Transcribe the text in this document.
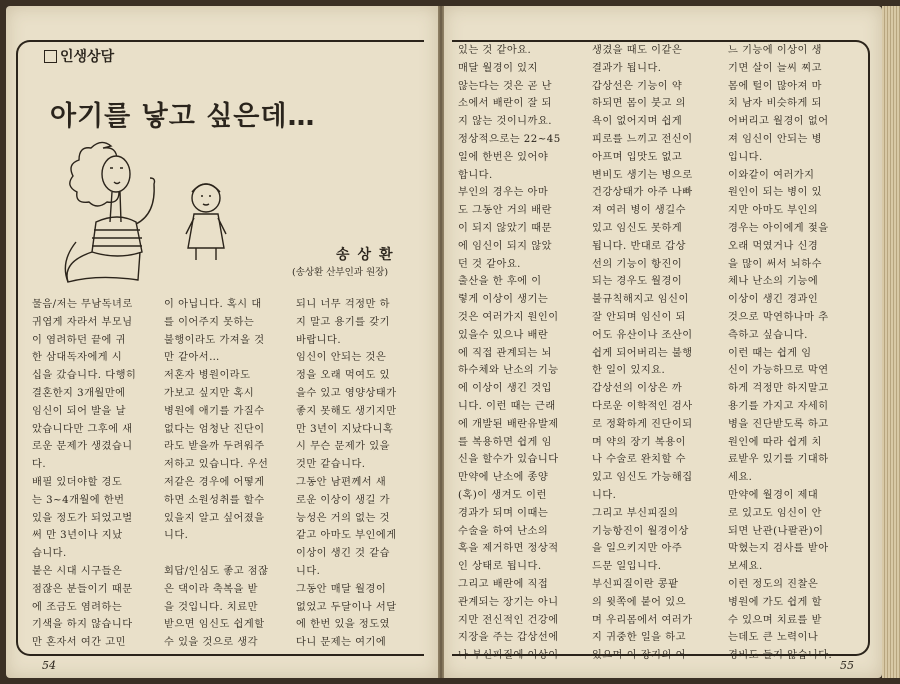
인생상담
아기를 낳고 싶은데…
송상환
(송상환 산부인과 원장)
물음/저는 무남독녀로
귀엽게 자라서 부모님
이 염려하던 끝에 귀
한 삼대독자에게 시
십을 갔습니다. 다행히
결혼한지 3개월만에
임신이 되어 발을 날
았습니다만 그후에 새
로운 문제가 생겼습니
다.
배필 있더야할 경도
는 3~4개월에 한번
있을 정도가 되었고벌
써 만 3년이나 지났
습니다.
붙은 시대 시구들은
점잖은 분들이기 때문
에 조금도 염려하는
기색을 하지 않습니다
만 혼자서 여간 고민
이 아닙니다. 혹시 대
를 이어주지 못하는
불행이라도 가져올 것
만 같아서…
저혼자 병원이라도
가보고 싶지만 혹시
병원에 애기를 가질수
없다는 엄청난 진단이
라도 받을까 두려워주
저하고 있습니다. 우선
저같은 경우에 어떻게
하면 소원성취를 할수
있을지 알고 싶어졌을
니다.

회답/인심도 좋고 점잖
은 댁이라 축복을 받
을 것입니다. 치료만
받으면 임신도 쉽게할
수 있을 것으로 생각
되니 너무 걱정만 하
지 말고 용기를 갖기
바랍니다.
임신이 안되는 것은
정을 오래 먹여도 있
을수 있고 영양상태가
좋지 못해도 생기지만
만 3년이 지났다니혹
시 무슨 문제가 있을
것만 같습니다.
그동안 남편께서 새
로운 이상이 생길 가
능성은 거의 없는 것
같고 아마도 부인에게
이상이 생긴 것 같습
니다.
그동안 매달 월경이
없었고 두달이나 서달
에 한번 있을 정도였
다니 문제는 여기에
54
있는 것 같아요.
매달 월경이 있지
않는다는 것은 곧 난
소에서 배란이 잘 되
지 않는 것이니까요.
정상적으로는 22~45
일에 한번은 있어야
합니다.
부인의 경우는 아마
도 그동안 거의 배란
이 되지 않았기 때문
에 임신이 되지 않았
던 것 같아요.
출산을 한 후에 이
렇게 이상이 생기는
것은 여러가지 원인이
있을수 있으나 배란
에 직접 관계되는 뇌
하수체와 난소의 기능
에 이상이 생긴 것입
니다. 이런 때는 근래
에 개발된 배란유발제
를 복용하면 쉽게 임
신을 할수가 있습니다
만약에 난소에 종양
(혹)이 생겨도 이런
경과가 되며 이때는
수술을 하여 난소의
혹을 제거하면 정상적
인 상태로 됩니다.
그리고 배란에 직접
관계되는 장기는 아니
지만 전신적인 건강에
지장을 주는 갑상선에
나 부신피질에 이상이
생겼을 때도 이같은
결과가 됩니다.
갑상선은 기능이 약
하되면 몸이 붓고 의
욕이 없어지며 쉽게
피로를 느끼고 전신이
아프며 입맛도 없고
변비도 생기는 병으로
건강상태가 아주 나빠
져 여러 병이 생길수
있고 임신도 못하게
됩니다. 반대로 갑상
선의 기능이 항진이
되는 경우도 월경이
불규칙해지고 임신이
잘 안되며 임신이 되
어도 유산이나 조산이
쉽게 되어버리는 불행
한 일이 있지요.
갑상선의 이상은 까
다로운 이학적인 검사
로 정확하게 진단이되
며 약의 장기 복용이
나 수술로 완치할 수
있고 임신도 가능해집
니다.
그리고 부신피질의
기능항진이 월경이상
을 일으키지만 아주
드문 일입니다.
부신피질이란 콩팥
의 윗쪽에 붙어 있으
며 우리몸에서 여러가
지 귀중한 일을 하고
있으며 이 장기의 어
느 기능에 이상이 생
기면 살이 늘씨 찌고
몸에 털이 많아져 마
치 남자 비슷하게 되
어버리고 월경이 없어
져 임신이 안되는 병
입니다.
이와같이 여러가지
원인이 되는 병이 있
지만 아마도 부인의
경우는 아이에게 젖을
오래 먹였거나 신경
을 많이 써서 뇌하수
체나 난소의 기능에
이상이 생긴 경과인
것으로 막연하나마 추
측하고 싶습니다.
이런 때는 쉽게 임
신이 가능하므로 막연
하게 걱정만 하지말고
용기를 가지고 자세히
병을 진단받도록 하고
원인에 따라 쉽게 치
료받우 있기를 기대하
세요.
만약에 월경이 제대
로 있고도 임신이 안
되면 난관(나팔관)이
막혔는지 검사를 받아
보세요.
이런 정도의 진찰은
병원에 가도 쉽게 할
수 있으며 치료를 받
는데도 큰 노력이나
경비도 들지 않습니다.
55
